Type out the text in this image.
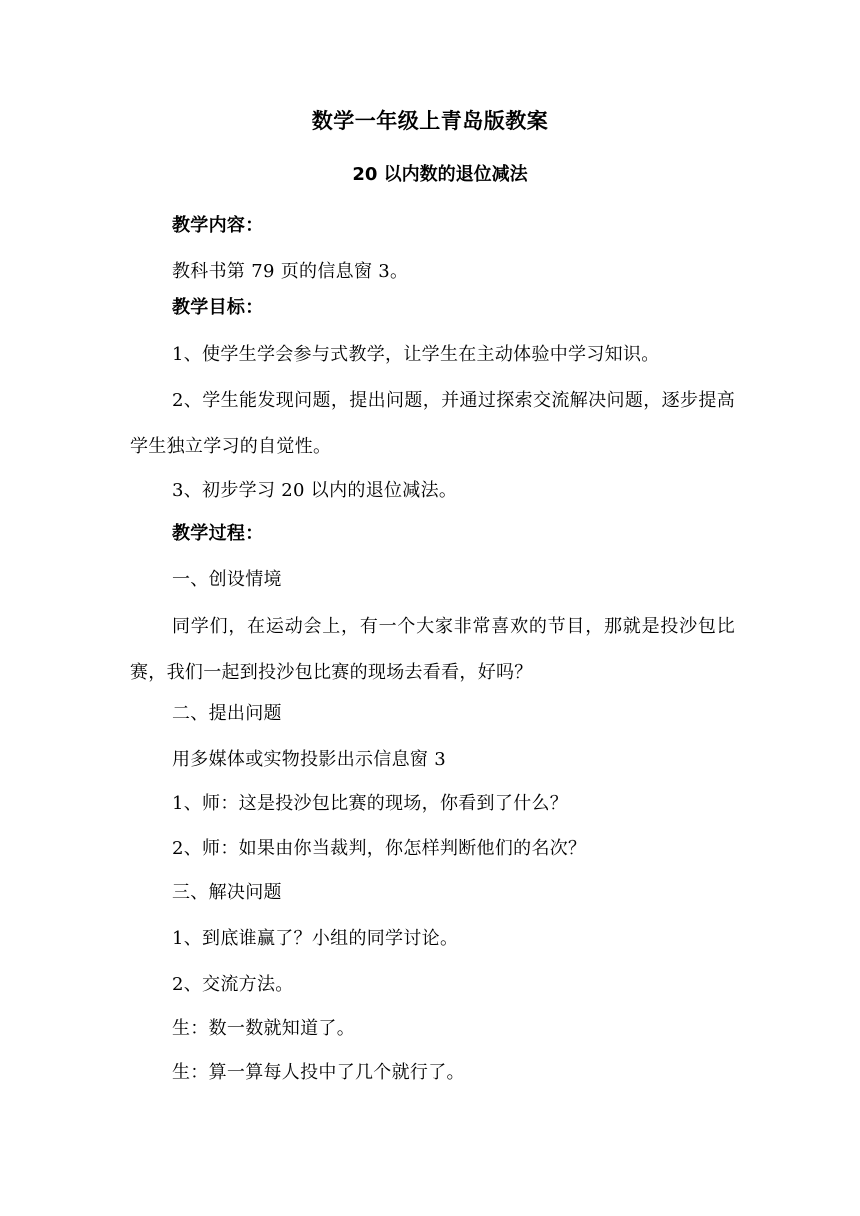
数学一年级上青岛版教案
20 以内数的退位减法

教学内容：

教科书第 79 页的信息窗 3。

教学目标：

1、使学生学会参与式教学，让学生在主动体验中学习知识。

2、学生能发现问题，提出问题，并通过探索交流解决问题，逐步提高学生独立学习的自觉性。

3、初步学习 20 以内的退位减法。

教学过程：

一、创设情境

同学们，在运动会上，有一个大家非常喜欢的节目，那就是投沙包比赛，我们一起到投沙包比赛的现场去看看，好吗？

二、提出问题

用多媒体或实物投影出示信息窗 3

1、师：这是投沙包比赛的现场，你看到了什么？

2、师：如果由你当裁判，你怎样判断他们的名次？

三、解决问题

1、到底谁赢了？小组的同学讨论。

2、交流方法。

生：数一数就知道了。

生：算一算每人投中了几个就行了。
